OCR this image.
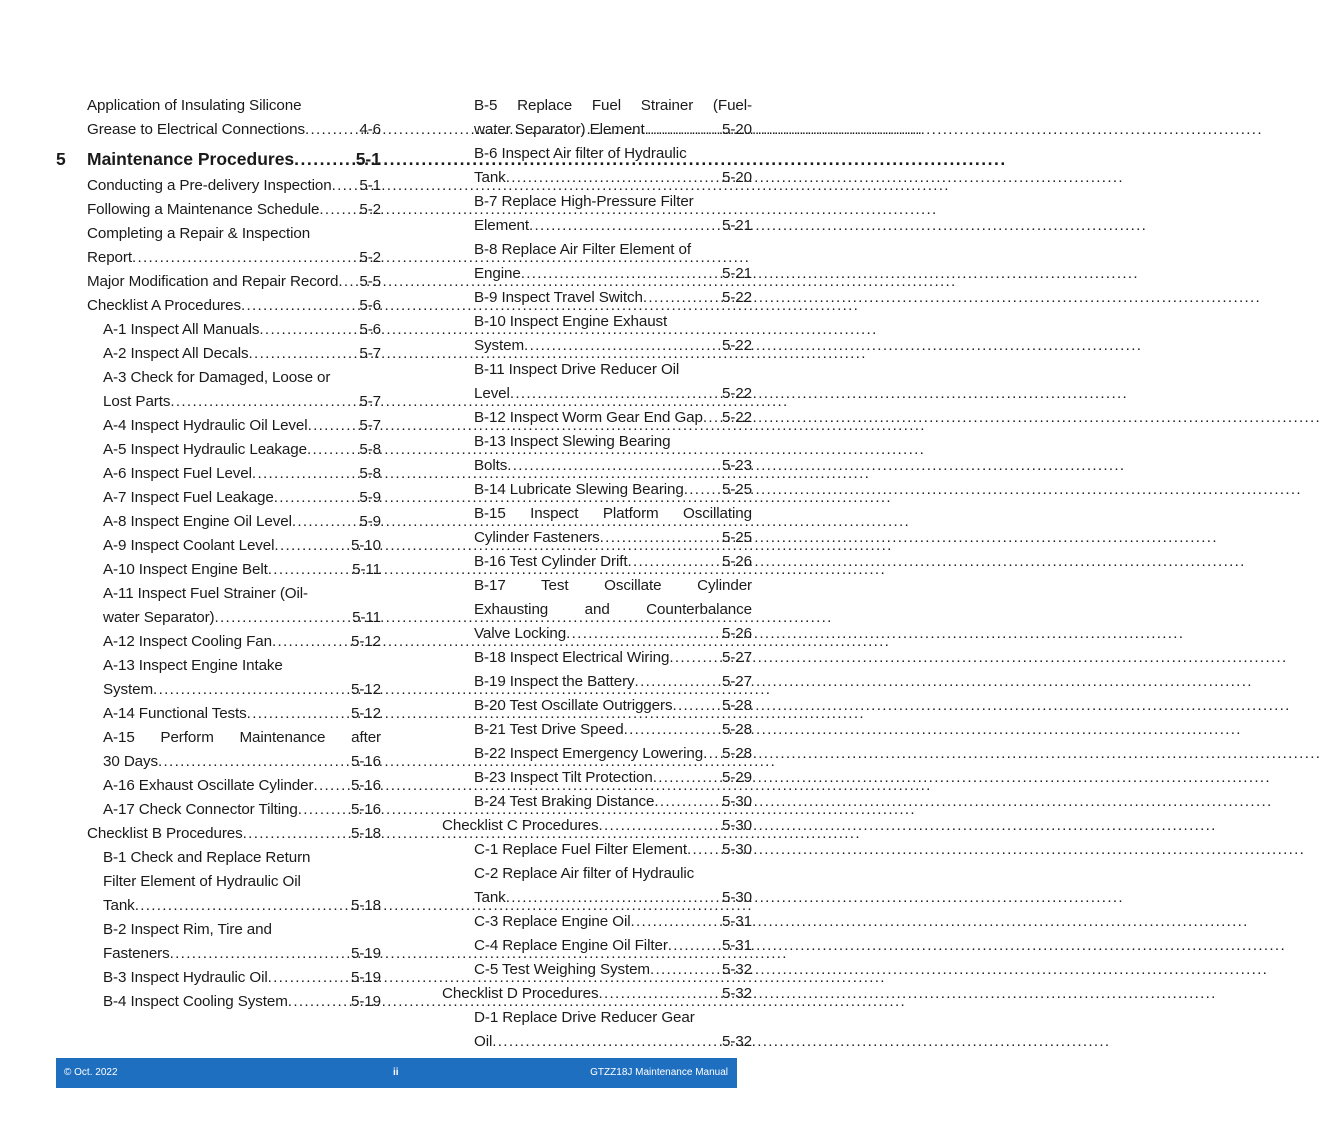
Application of Insulating Silicone
Grease to Electrical Connections .....	4-6
5	Maintenance Procedures .....	5-1
Conducting a Pre-delivery Inspection ..... 5-1
Following a Maintenance Schedule .....	5-2
Completing a Repair & Inspection
Report .....	5-2
Major Modification and Repair Record ..... 5-5
Checklist A Procedures .....	5-6
A-1 Inspect All Manuals .....	5-6
A-2 Inspect All Decals .....	5-7
A-3 Check for Damaged, Loose or
Lost Parts .....	5-7
A-4 Inspect Hydraulic Oil Level .....	5-7
A-5 Inspect Hydraulic Leakage .....	5-8
A-6 Inspect Fuel Level .....	5-8
A-7 Inspect Fuel Leakage .....	5-9
A-8 Inspect Engine Oil Level .....	5-9
A-9 Inspect Coolant Level .....	5-10
A-10 Inspect Engine Belt .....	5-11
A-11 Inspect Fuel Strainer (Oil-
water Separator) .....	5-11
A-12 Inspect Cooling Fan .....	5-12
A-13 Inspect Engine Intake
System .....	5-12
A-14 Functional Tests .....	5-12
A-15 Perform Maintenance after
30 Days .....	5-16
A-16 Exhaust Oscillate Cylinder ..... 5-16
A-17 Check Connector Tilting .....	5-16
Checklist B Procedures .....	5-18
B-1 Check and Replace Return
Filter Element of Hydraulic Oil
Tank .....	5-18
B-2 Inspect Rim, Tire and
Fasteners .....	5-19
B-3 Inspect Hydraulic Oil .....	5-19
B-4 Inspect Cooling System .....	5-19
B-5 Replace Fuel Strainer (Fuel-
water Separator) Element .....	5-20
B-6 Inspect Air filter of Hydraulic
Tank .....	5-20
B-7 Replace High-Pressure Filter
Element .....	5-21
B-8 Replace Air Filter Element of
Engine .....	5-21
B-9 Inspect Travel Switch .....	5-22
B-10 Inspect Engine Exhaust
System .....	5-22
B-11 Inspect Drive Reducer Oil
Level .....	5-22
B-12 Inspect Worm Gear End Gap ..... 5-22
B-13 Inspect Slewing Bearing
Bolts .....	5-23
B-14 Lubricate Slewing Bearing .....	5-25
B-15 Inspect Platform Oscillating
Cylinder Fasteners .....	5-25
B-16 Test Cylinder Drift .....	5-26
B-17 Test Oscillate Cylinder
Exhausting and Counterbalance
Valve Locking .....	5-26
B-18 Inspect Electrical Wiring .....	5-27
B-19 Inspect the Battery .....	5-27
B-20 Test Oscillate Outriggers .....	5-28
B-21 Test Drive Speed .....	5-28
B-22 Inspect Emergency Lowering ..... 5-28
B-23 Inspect Tilt Protection .....	5-29
B-24 Test Braking Distance .....	5-30
Checklist C Procedures .....	5-30
C-1 Replace Fuel Filter Element ..... 5-30
C-2 Replace Air filter of Hydraulic
Tank .....	5-30
C-3 Replace Engine Oil .....	5-31
C-4 Replace Engine Oil Filter .....	5-31
C-5 Test Weighing System .....	5-32
Checklist D Procedures .....	5-32
D-1 Replace Drive Reducer Gear
Oil .....	5-32
© Oct. 2022	ii	GTZZ18J Maintenance Manual
